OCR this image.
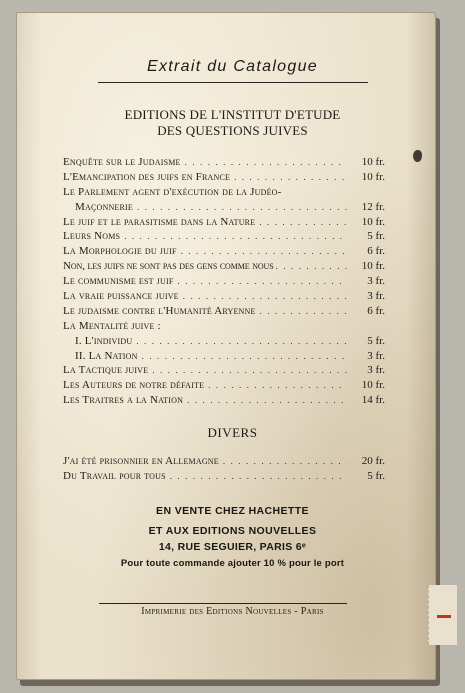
Extrait du Catalogue
EDITIONS DE L'INSTITUT D'ETUDE
DES QUESTIONS JUIVES
Enquête sur le Judaisme . . .	10 fr.
L'Emancipation des juifs en France . . .	10 fr.
Le Parlement agent d'exécution de la Judéo-
Maçonnerie . . .	12 fr.
Le juif et le parasitisme dans la Nature . . .	10 fr.
Leurs Noms . . .	5 fr.
La Morphologie du juif . . .	6 fr.
Non, les juifs ne sont pas des gens comme nous . . .	10 fr.
Le communisme est juif . . .	3 fr.
La vraie puissance juive . . .	3 fr.
Le judaisme contre l'Humanité Aryenne . . .	6 fr.
La Mentalité juive :
I. L'individu . . .	5 fr.
II. La Nation . . .	3 fr.
La Tactique juive . . .	3 fr.
Les Auteurs de notre défaite . . .	10 fr.
Les Traitres a la Nation . . .	14 fr.
DIVERS
J'ai été prisonnier en Allemagne . . .	20 fr.
Du Travail pour tous . . .	5 fr.
EN VENTE CHEZ HACHETTE
ET AUX EDITIONS NOUVELLES
14, RUE SEGUIER, PARIS 6ᵉ
Pour toute commande ajouter 10 % pour le port
Imprimerie des Editions Nouvelles - Paris
